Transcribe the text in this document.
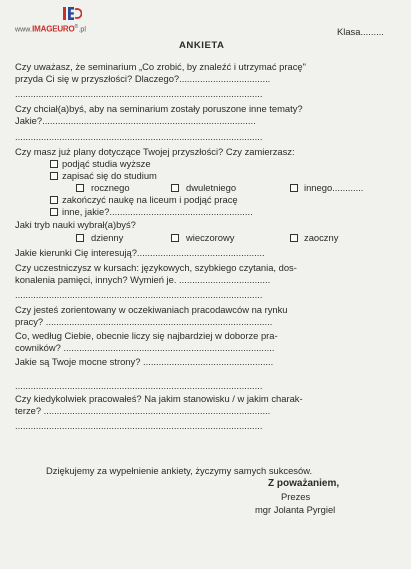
www.IMAGEURO®.pl	Klasa.........
ANKIETA
Czy uważasz, że seminarium „Co zrobić, by znaleźć i utrzymać pracę"
przyda Ci się w przyszłości? Dlaczego?...................................
...............................................................................................
Czy chciał(a)byś, aby na seminarium zostały poruszone inne tematy?
Jakie?..................................................................................
...............................................................................................
Czy masz już plany dotyczące Twojej przyszłości? Czy zamierzasz:
podjąć studia wyższe
zapisać się do studium
rocznego	dwuletniego	innego............
zakończyć naukę na liceum i podjąć pracę
inne, jakie?.......................................................
Jaki tryb nauki wybrał(a)byś?
dzienny	wieczorowy	zaoczny
Jakie kierunki Cię interesują?.................................................
Czy uczestniczysz w kursach: językowych, szybkiego czytania, dos-
konalenia pamięci, innych? Wymień je. ...................................
...............................................................................................
Czy jesteś zorientowany w oczekiwaniach pracodawców na rynku
pracy? .......................................................................................
Co, według Ciebie, obecnie liczy się najbardziej w doborze pra-
cowników? .................................................................................
Jakie są Twoje mocne strony? ..................................................
...............................................................................................
Czy kiedykolwiek pracowałeś? Na jakim stanowisku / w jakim charak-
terze? .......................................................................................
...............................................................................................
Dziękujemy za wypełnienie ankiety, życzymy samych sukcesów.
Z poważaniem,
Prezes
mgr Jolanta Pyrgiel
